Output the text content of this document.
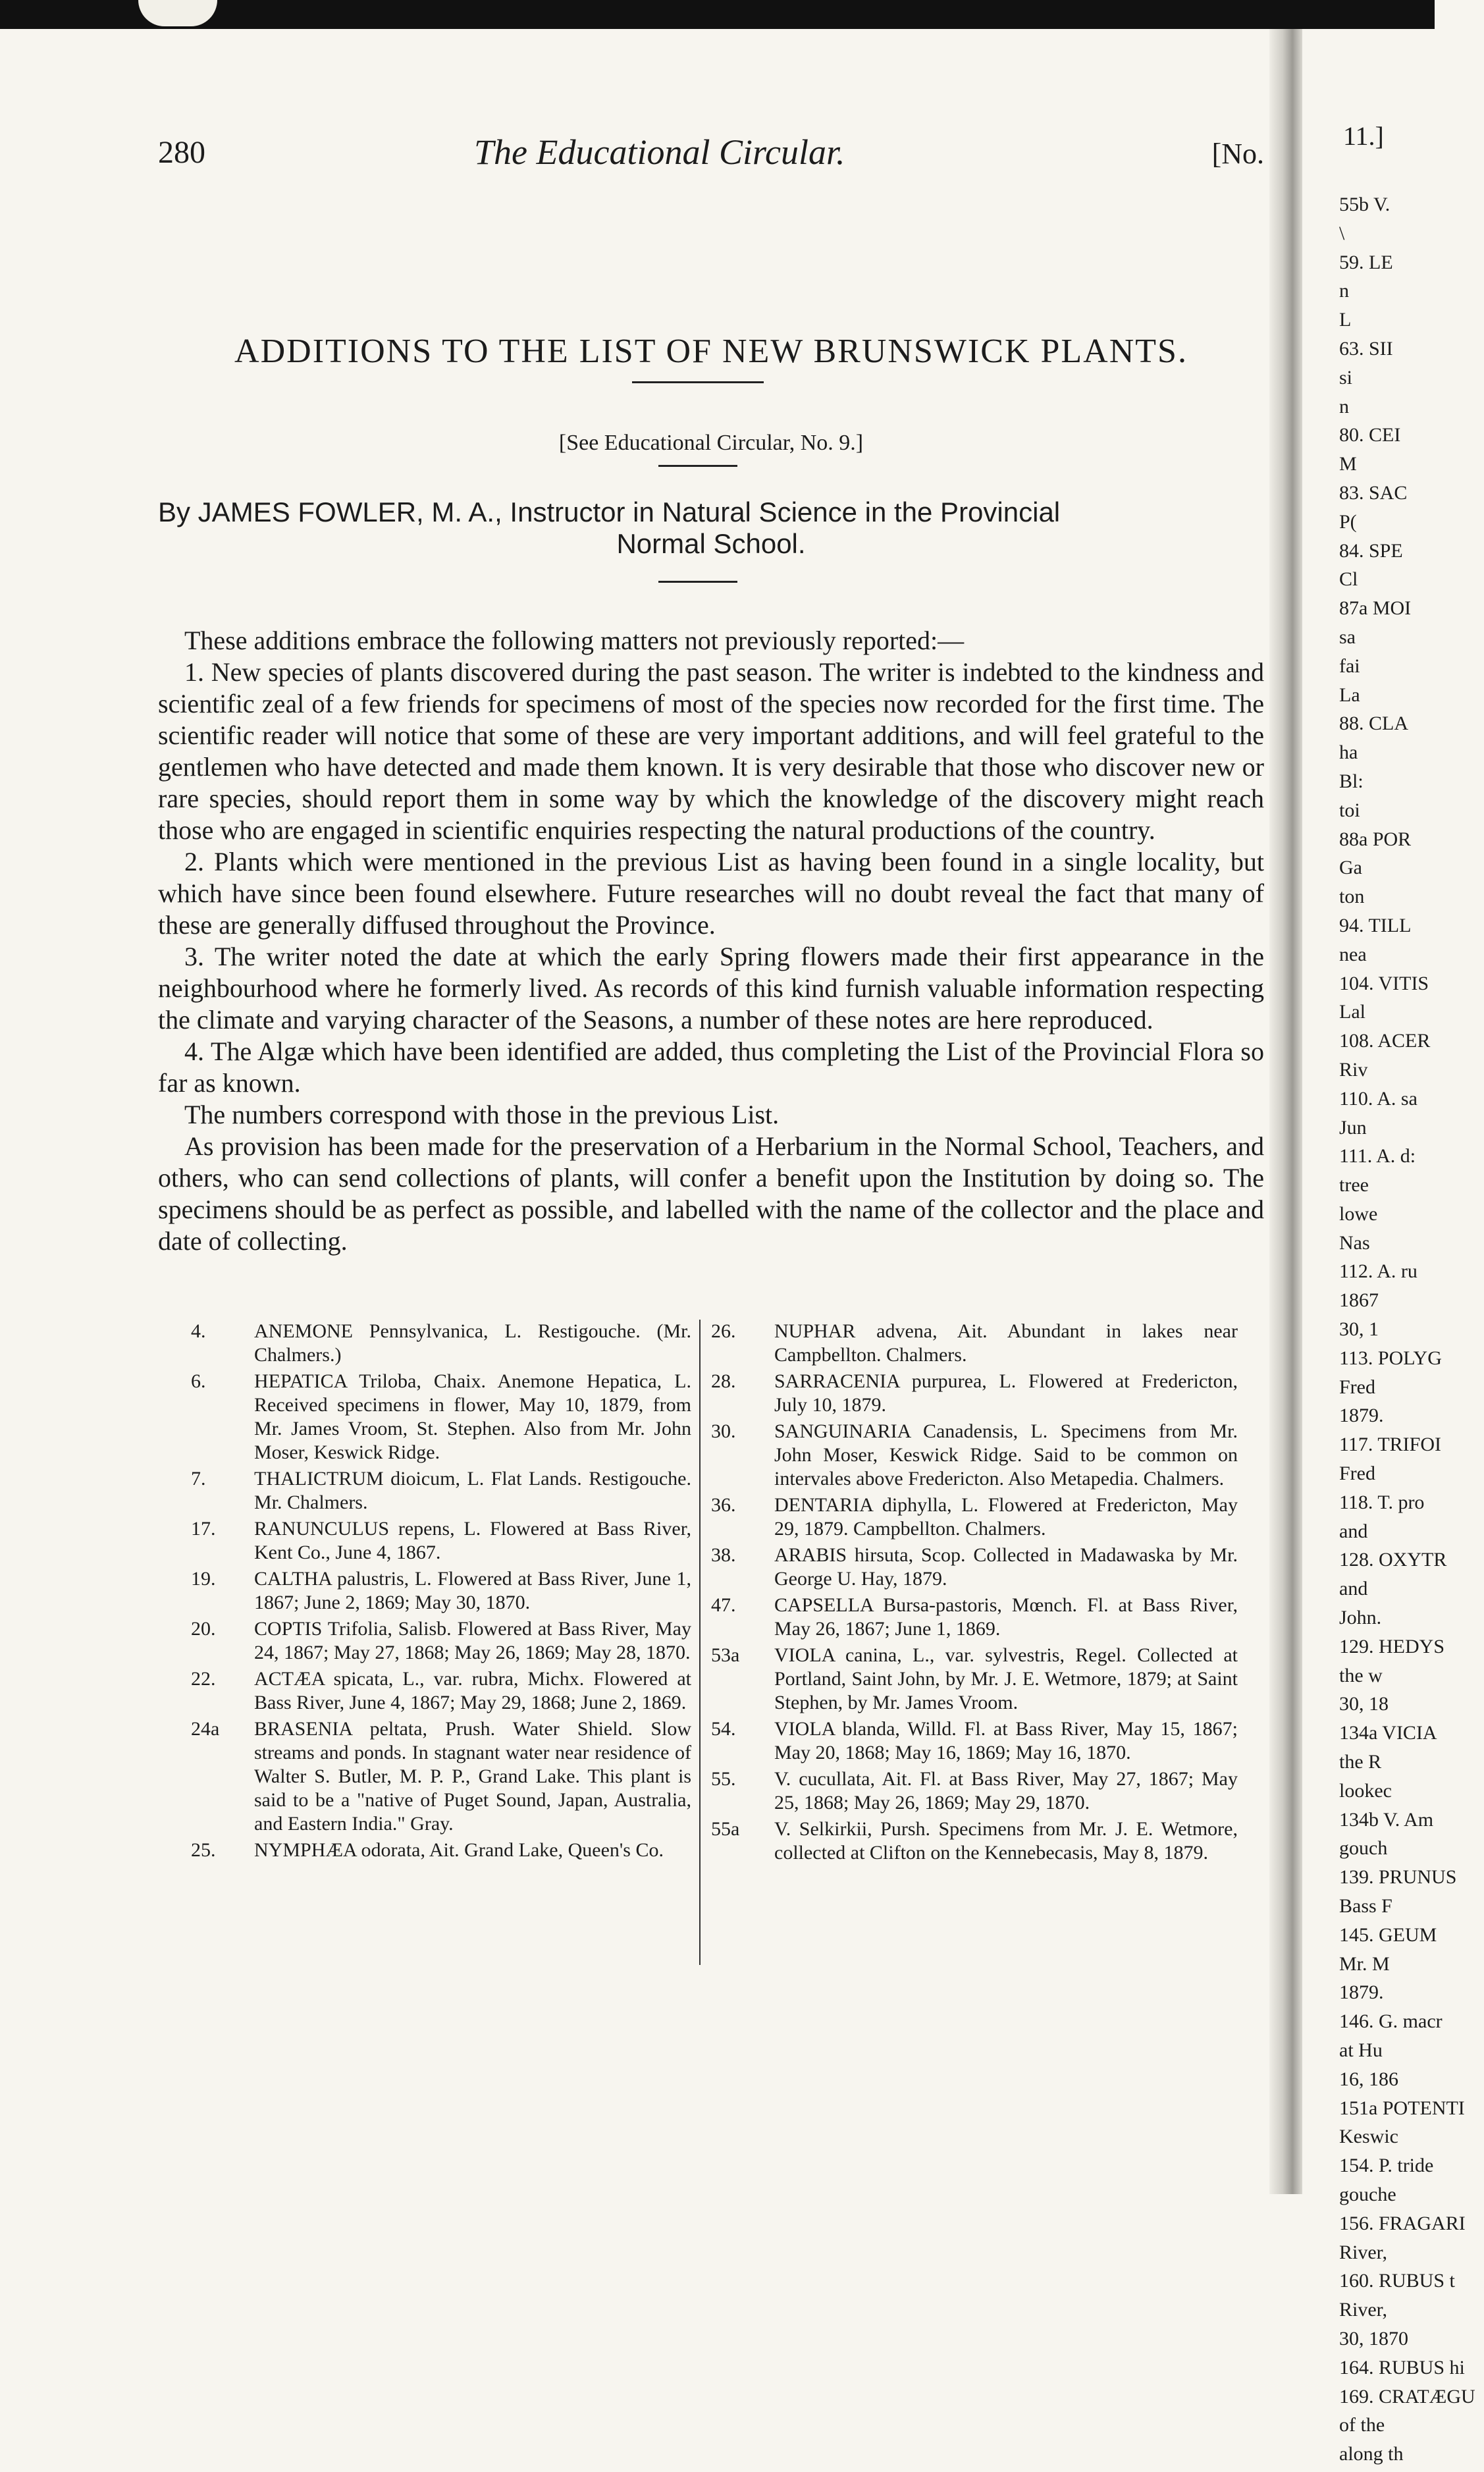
280	The Educational Circular.	[No.
ADDITIONS TO THE LIST OF NEW BRUNSWICK PLANTS.
[See Educational Circular, No. 9.]
By JAMES FOWLER, M. A., Instructor in Natural Science in the Provincial
Normal School.

These additions embrace the following matters not previously reported:—

1. New species of plants discovered during the past season. The writer is indebted to the kindness and scientific zeal of a few friends for specimens of most of the species now recorded for the first time. The scientific reader will notice that some of these are very important additions, and will feel grateful to the gentlemen who have detected and made them known. It is very desirable that those who discover new or rare species, should report them in some way by which the knowledge of the discovery might reach those who are engaged in scientific enquiries respecting the natural productions of the country.

2. Plants which were mentioned in the previous List as having been found in a single locality, but which have since been found elsewhere. Future researches will no doubt reveal the fact that many of these are generally diffused throughout the Province.

3. The writer noted the date at which the early Spring flowers made their first appearance in the neighbourhood where he formerly lived. As records of this kind furnish valuable information respecting the climate and varying character of the Seasons, a number of these notes are here reproduced.

4. The Algæ which have been identified are added, thus completing the List of the Provincial Flora so far as known.

The numbers correspond with those in the previous List.

As provision has been made for the preservation of a Herbarium in the Normal School, Teachers, and others, who can send collections of plants, will confer a benefit upon the Institution by doing so. The specimens should be as perfect as possible, and labelled with the name of the collector and the place and date of collecting.

4. ANEMONE Pennsylvanica, L. Restigouche. (Mr. Chalmers.)
6. HEPATICA Triloba, Chaix. Anemone Hepatica, L. Received specimens in flower, May 10, 1879, from Mr. James Vroom, St. Stephen. Also from Mr. John Moser, Keswick Ridge.
7. THALICTRUM dioicum, L. Flat Lands. Restigouche. Mr. Chalmers.
17. RANUNCULUS repens, L. Flowered at Bass River, Kent Co., June 4, 1867.
19. CALTHA palustris, L. Flowered at Bass River, June 1, 1867; June 2, 1869; May 30, 1870.
20. COPTIS Trifolia, Salisb. Flowered at Bass River, May 24, 1867; May 27, 1868; May 26, 1869; May 28, 1870.
22. ACTÆA spicata, L., var. rubra, Michx. Flowered at Bass River, June 4, 1867; May 29, 1868; June 2, 1869.
24a BRASENIA peltata, Prush. Water Shield. Slow streams and ponds. In stagnant water near residence of Walter S. Butler, M. P. P., Grand Lake. This plant is said to be a "native of Puget Sound, Japan, Australia, and Eastern India." Gray.
25. NYMPHÆA odorata, Ait. Grand Lake, Queen's Co.
26. NUPHAR advena, Ait. Abundant in lakes near Campbellton. Chalmers.
28. SARRACENIA purpurea, L. Flowered at Fredericton, July 10, 1879.
30. SANGUINARIA Canadensis, L. Specimens from Mr. John Moser, Keswick Ridge. Said to be common on intervales above Fredericton. Also Metapedia. Chalmers.
36. DENTARIA diphylla, L. Flowered at Fredericton, May 29, 1879. Campbellton. Chalmers.
38. ARABIS hirsuta, Scop. Collected in Madawaska by Mr. George U. Hay, 1879.
47. CAPSELLA Bursa-pastoris, Mœnch. Fl. at Bass River, May 26, 1867; June 1, 1869.
53a VIOLA canina, L., var. sylvestris, Regel. Collected at Portland, Saint John, by Mr. J. E. Wetmore, 1879; at Saint Stephen, by Mr. James Vroom.
54. VIOLA blanda, Willd. Fl. at Bass River, May 15, 1867; May 20, 1868; May 16, 1869; May 16, 1870.
55. V. cucullata, Ait. Fl. at Bass River, May 27, 1867; May 25, 1868; May 26, 1869; May 29, 1870.
55a V. Selkirkii, Pursh. Specimens from Mr. J. E. Wetmore, collected at Clifton on the Kennebecasis, May 8, 1879.
11.]
55b V.
\
59. LE
n
L
63. SII
si
n
80. CEI
M
83. SAC
P(
84. SPE
Cl
87a MOI
sa
fai
La
88. CLA
ha
Bl:
toi
88a POR
Ga
ton
94. TILL
nea
104. VITIS
Lal
108. ACER
Riv
110. A. sa
Jun
111. A. d:
tree
lowe
Nas
112. A. ru
1867
30, 1
113. POLYG
Fred
1879.
117. TRIFOI
Fred
118. T. pro
and
128. OXYTR
and
John.
129. HEDYS
the w
30, 18
134a VICIA
the R
lookec
134b V. Am
gouch
139. PRUNUS
Bass F
145. GEUM
Mr. M
1879.
146. G. macr
at Hu
16, 186
151a POTENTI
Keswic
154. P. tride
gouche
156. FRAGARI
River,
160. RUBUS t
River,
30, 1870
164. RUBUS hi
169. CRATÆGU
of the
along th
